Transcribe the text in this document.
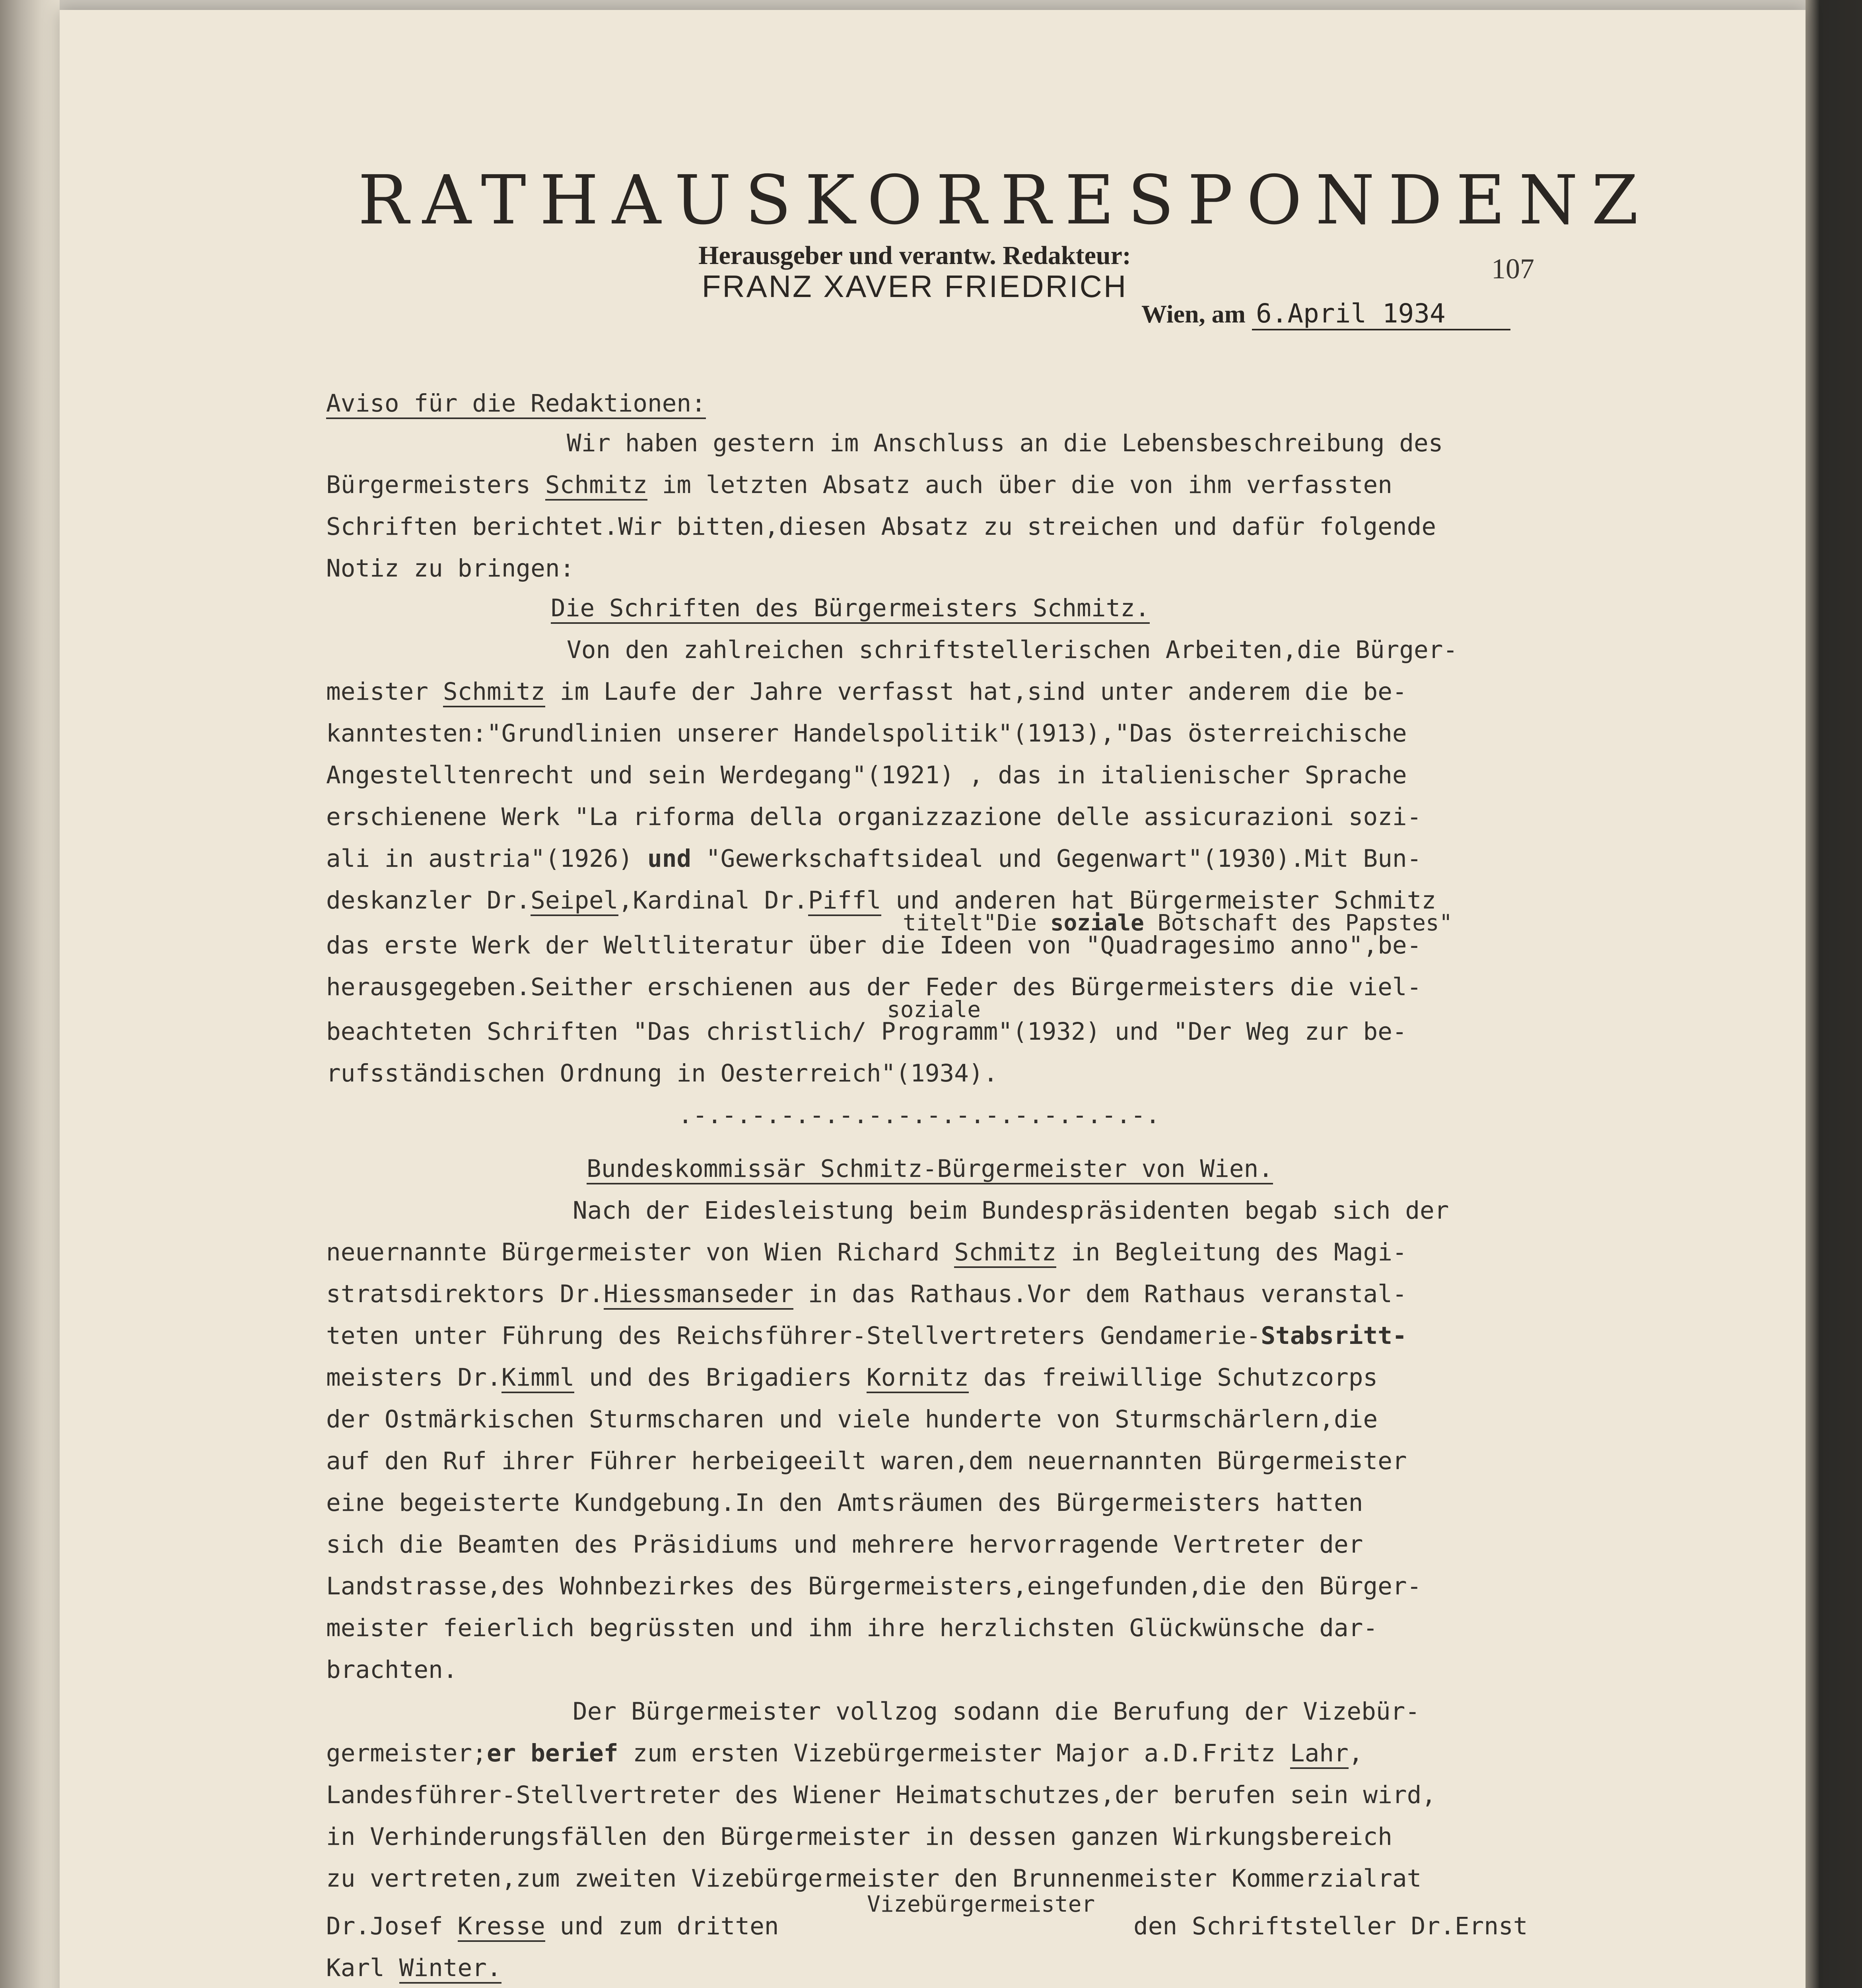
RATHAUSKORRESPONDENZ
Herausgeber und verantw. Redakteur:
FRANZ XAVER FRIEDRICH	107
Wien, am 6.April 1934
Aviso für die Redaktionen:
Wir haben gestern im Anschluss an die Lebensbeschreibung des
Bürgermeisters Schmitz im letzten Absatz auch über die von ihm verfassten
Schriften berichtet.Wir bitten,diesen Absatz zu streichen und dafür folgende
Notiz zu bringen:
Die Schriften des Bürgermeisters Schmitz.
Von den zahlreichen schriftstellerischen Arbeiten,die Bürger-
meister Schmitz im Laufe der Jahre verfasst hat,sind unter anderem die be-
kanntesten:"Grundlinien unserer Handelspolitik"(1913),"Das österreichische
Angestelltenrecht und sein Werdegang"(1921) , das in italienischer Sprache
erschienene Werk "La riforma della organizzazione delle assicurazioni sozi-
ali in austria"(1926) und "Gewerkschaftsideal und Gegenwart"(1930).Mit Bun-
deskanzler Dr.Seipel,Kardinal Dr.Piffl und anderen hat Bürgermeister Schmitz
titelt"Die soziale Botschaft des Papstes"
das erste Werk der Weltliteratur über die Ideen von "Quadragesimo anno",be-
herausgegeben.Seither erschienen aus der Feder des Bürgermeisters die viel-
soziale
beachteten Schriften "Das christlich/ Programm"(1932) und "Der Weg zur be-
rufsständischen Ordnung in Oesterreich"(1934).
.-.-.-.-.-.-.-.-.-.-.-.-.-.-.-.-.
Bundeskommissär Schmitz-Bürgermeister von Wien.
Nach der Eidesleistung beim Bundespräsidenten begab sich der
neuernannte Bürgermeister von Wien Richard Schmitz in Begleitung des Magi-
stratsdirektors Dr.Hiessmanseder in das Rathaus.Vor dem Rathaus veranstal-
teten unter Führung des Reichsführer-Stellvertreters Gendamerie-Stabsritt-
meisters Dr.Kimml und des Brigadiers Kornitz das freiwillige Schutzcorps
der Ostmärkischen Sturmscharen und viele hunderte von Sturmschärlern,die
auf den Ruf ihrer Führer herbeigeeilt waren,dem neuernannten Bürgermeister
eine begeisterte Kundgebung.In den Amtsräumen des Bürgermeisters hatten
sich die Beamten des Präsidiums und mehrere hervorragende Vertreter der
Landstrasse,des Wohnbezirkes des Bürgermeisters,eingefunden,die den Bürger-
meister feierlich begrüssten und ihm ihre herzlichsten Glückwünsche dar-
brachten.
Der Bürgermeister vollzog sodann die Berufung der Vizebür-
germeister;er berief zum ersten Vizebürgermeister Major a.D.Fritz Lahr,
Landesführer-Stellvertreter des Wiener Heimatschutzes,der berufen sein wird,
in Verhinderungsfällen den Bürgermeister in dessen ganzen Wirkungsbereich
zu vertreten,zum zweiten Vizebürgermeister den Brunnenmeister Kommerzialrat
Vizebürgermeister
Dr.Josef Kresse und zum dritten	den Schriftsteller Dr.Ernst
Karl Winter.
